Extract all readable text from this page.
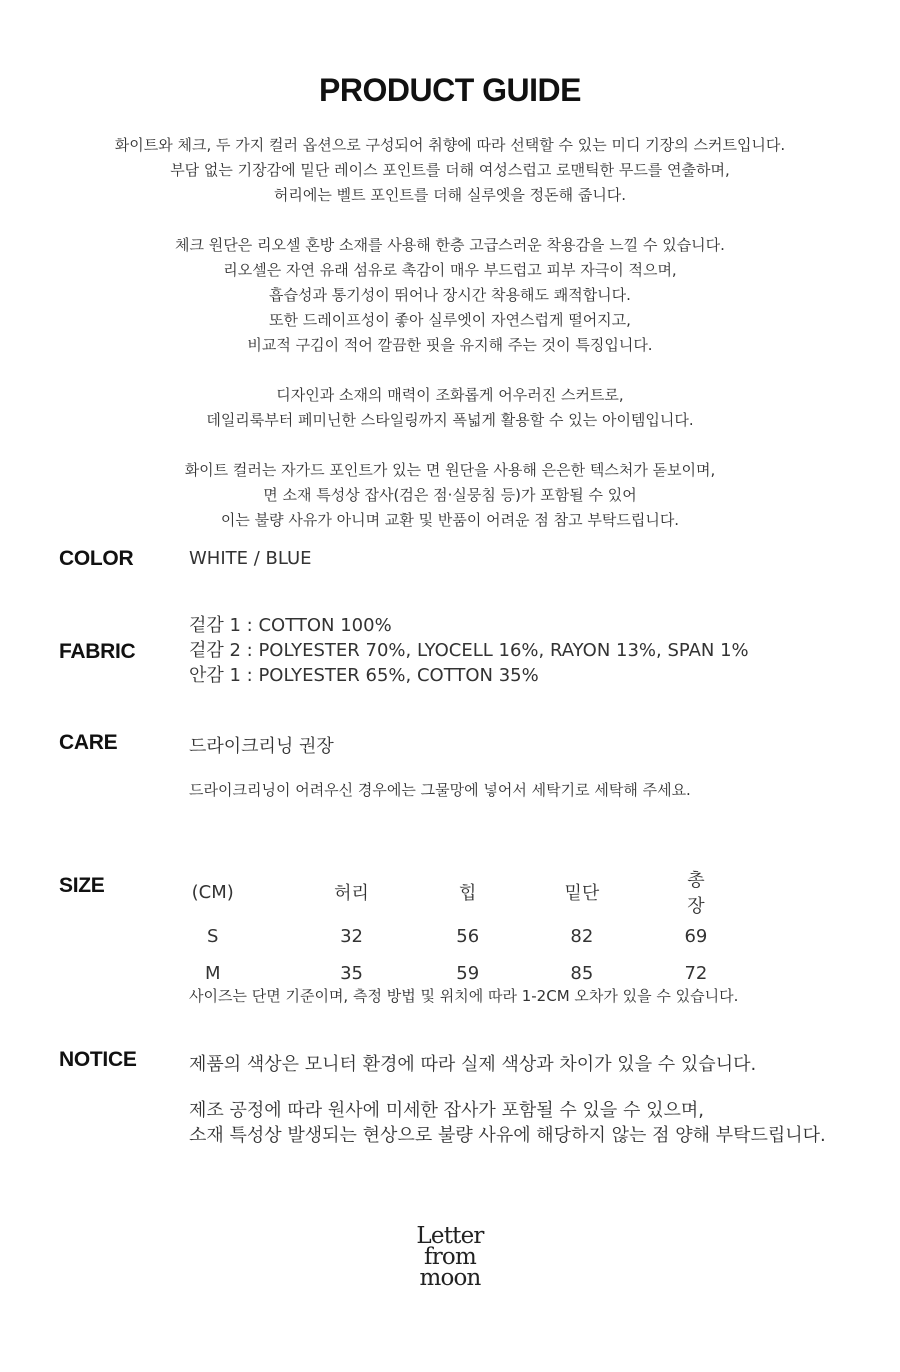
PRODUCT GUIDE
화이트와 체크, 두 가지 컬러 옵션으로 구성되어 취향에 따라 선택할 수 있는 미디 기장의 스커트입니다.
부담 없는 기장감에 밑단 레이스 포인트를 더해 여성스럽고 로맨틱한 무드를 연출하며,
허리에는 벨트 포인트를 더해 실루엣을 정돈해 줍니다.
체크 원단은 리오셀 혼방 소재를 사용해 한층 고급스러운 착용감을 느낄 수 있습니다.
리오셀은 자연 유래 섬유로 촉감이 매우 부드럽고 피부 자극이 적으며,
흡습성과 통기성이 뛰어나 장시간 착용해도 쾌적합니다.
또한 드레이프성이 좋아 실루엣이 자연스럽게 떨어지고,
비교적 구김이 적어 깔끔한 핏을 유지해 주는 것이 특징입니다.
디자인과 소재의 매력이 조화롭게 어우러진 스커트로,
데일리룩부터 페미닌한 스타일링까지 폭넓게 활용할 수 있는 아이템입니다.
화이트 컬러는 자가드 포인트가 있는 면 원단을 사용해 은은한 텍스처가 돋보이며,
면 소재 특성상 잡사(검은 점·실뭉침 등)가 포함될 수 있어
이는 불량 사유가 아니며 교환 및 반품이 어려운 점 참고 부탁드립니다.
COLOR	WHITE / BLUE
FABRIC
겉감 1 : COTTON 100%
겉감 2 : POLYESTER 70%, LYOCELL 16%, RAYON 13%, SPAN 1%
안감 1 : POLYESTER 65%, COTTON 35%
CARE	드라이크리닝 권장
드라이크리닝이 어려우신 경우에는 그물망에 넣어서 세탁기로 세탁해 주세요.
SIZE	(CM)	허리	힙	밑단	총장
S	32	56	82	69
M	35	59	85	72
사이즈는 단면 기준이며, 측정 방법 및 위치에 따라 1-2CM 오차가 있을 수 있습니다.
NOTICE	제품의 색상은 모니터 환경에 따라 실제 색상과 차이가 있을 수 있습니다.
제조 공정에 따라 원사에 미세한 잡사가 포함될 수 있을 수 있으며,
소재 특성상 발생되는 현상으로 불량 사유에 해당하지 않는 점 양해 부탁드립니다.
Letter
from
moon
